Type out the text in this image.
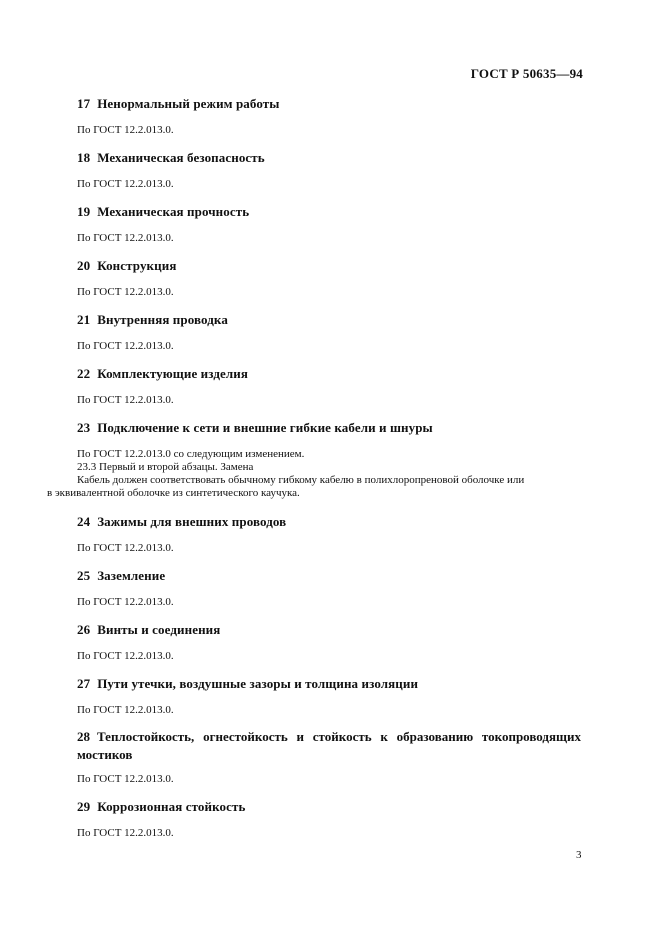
ГОСТ Р 50635—94
17 Ненормальный режим работы
По ГОСТ 12.2.013.0.
18 Механическая безопасность
По ГОСТ 12.2.013.0.
19 Механическая прочность
По ГОСТ 12.2.013.0.
20 Конструкция
По ГОСТ 12.2.013.0.
21 Внутренняя проводка
По ГОСТ 12.2.013.0.
22 Комплектующие изделия
По ГОСТ 12.2.013.0.
23 Подключение к сети и внешние гибкие кабели и шнуры
По ГОСТ 12.2.013.0 со следующим изменением.
23.3 Первый и второй абзацы. Замена
Кабель должен соответствовать обычному гибкому кабелю в полихлоропреновой оболочке или
в эквивалентной оболочке из синтетического каучука.
24 Зажимы для внешних проводов
По ГОСТ 12.2.013.0.
25 Заземление
По ГОСТ 12.2.013.0.
26 Винты и соединения
По ГОСТ 12.2.013.0.
27 Пути утечки, воздушные зазоры и толщина изоляции
По ГОСТ 12.2.013.0.
28 Теплостойкость, огнестойкость и стойкость к образованию токопроводящих мостиков
По ГОСТ 12.2.013.0.
29 Коррозионная стойкость
По ГОСТ 12.2.013.0.
3
